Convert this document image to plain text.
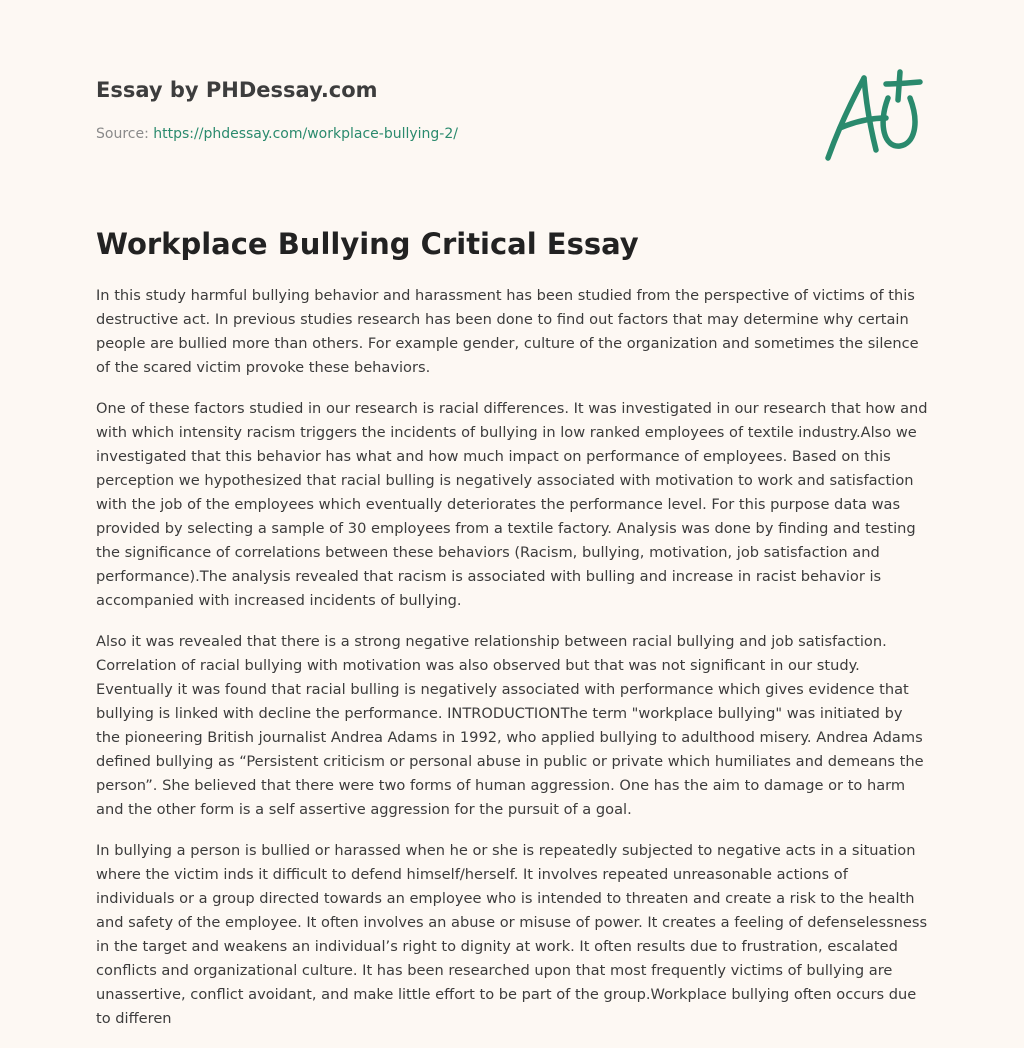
Essay by PHDessay.com
Source: https://phdessay.com/workplace-bullying-2/
Workplace Bullying Critical Essay

In this study harmful bullying behavior and harassment has been studied from the perspective of victims of this destructive act. In previous studies research has been done to find out factors that may determine why certain people are bullied more than others. For example gender, culture of the organization and sometimes the silence of the scared victim provoke these behaviors.

One of these factors studied in our research is racial differences. It was investigated in our research that how and with which intensity racism triggers the incidents of bullying in low ranked employees of textile industry.Also we investigated that this behavior has what and how much impact on performance of employees. Based on this perception we hypothesized that racial bulling is negatively associated with motivation to work and satisfaction with the job of the employees which eventually deteriorates the performance level. For this purpose data was provided by selecting a sample of 30 employees from a textile factory. Analysis was done by finding and testing the significance of correlations between these behaviors (Racism, bullying, motivation, job satisfaction and performance).The analysis revealed that racism is associated with bulling and increase in racist behavior is accompanied with increased incidents of bullying.

Also it was revealed that there is a strong negative relationship between racial bullying and job satisfaction. Correlation of racial bullying with motivation was also observed but that was not significant in our study. Eventually it was found that racial bulling is negatively associated with performance which gives evidence that bullying is linked with decline the performance. INTRODUCTIONThe term "workplace bullying" was initiated by the pioneering British journalist Andrea Adams in 1992, who applied bullying to adulthood misery. Andrea Adams defined bullying as “Persistent criticism or personal abuse in public or private which humiliates and demeans the person”. She believed that there were two forms of human aggression. One has the aim to damage or to harm and the other form is a self assertive aggression for the pursuit of a goal.

In bullying a person is bullied or harassed when he or she is repeatedly subjected to negative acts in a situation where the victim inds it difficult to defend himself/herself. It involves repeated unreasonable actions of individuals or a group directed towards an employee who is intended to threaten and create a risk to the health and safety of the employee. It often involves an abuse or misuse of power. It creates a feeling of defenselessness in the target and weakens an individual’s right to dignity at work. It often results due to frustration, escalated conflicts and organizational culture. It has been researched upon that most frequently victims of bullying are unassertive, conflict avoidant, and make little effort to be part of the group.Workplace bullying often occurs due to differen
